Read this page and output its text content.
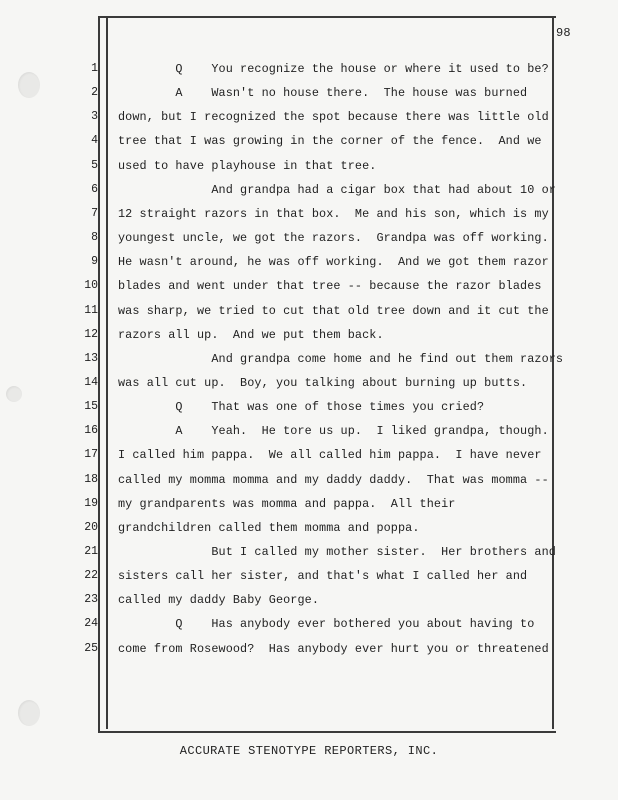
98
1 Q    You recognize the house or where it used to be?
2 A    Wasn't no house there.  The house was burned
3 down, but I recognized the spot because there was little old
4 tree that I was growing in the corner of the fence.  And we
5 used to have playhouse in that tree.
6 And grandpa had a cigar box that had about 10 or
7 12 straight razors in that box.  Me and his son, which is my
8 youngest uncle, we got the razors.  Grandpa was off working.
9 He wasn't around, he was off working.  And we got them razor
10 blades and went under that tree -- because the razor blades
11 was sharp, we tried to cut that old tree down and it cut the
12 razors all up.  And we put them back.
13 And grandpa come home and he find out them razors
14 was all cut up.  Boy, you talking about burning up butts.
15 Q    That was one of those times you cried?
16 A    Yeah.  He tore us up.  I liked grandpa, though.
17 I called him pappa.  We all called him pappa.  I have never
18 called my momma momma and my daddy daddy.  That was momma --
19 my grandparents was momma and pappa.  All their
20 grandchildren called them momma and poppa.
21 But I called my mother sister.  Her brothers and
22 sisters call her sister, and that's what I called her and
23 called my daddy Baby George.
24 Q    Has anybody ever bothered you about having to
25 come from Rosewood?  Has anybody ever hurt you or threatened
ACCURATE STENOTYPE REPORTERS, INC.
